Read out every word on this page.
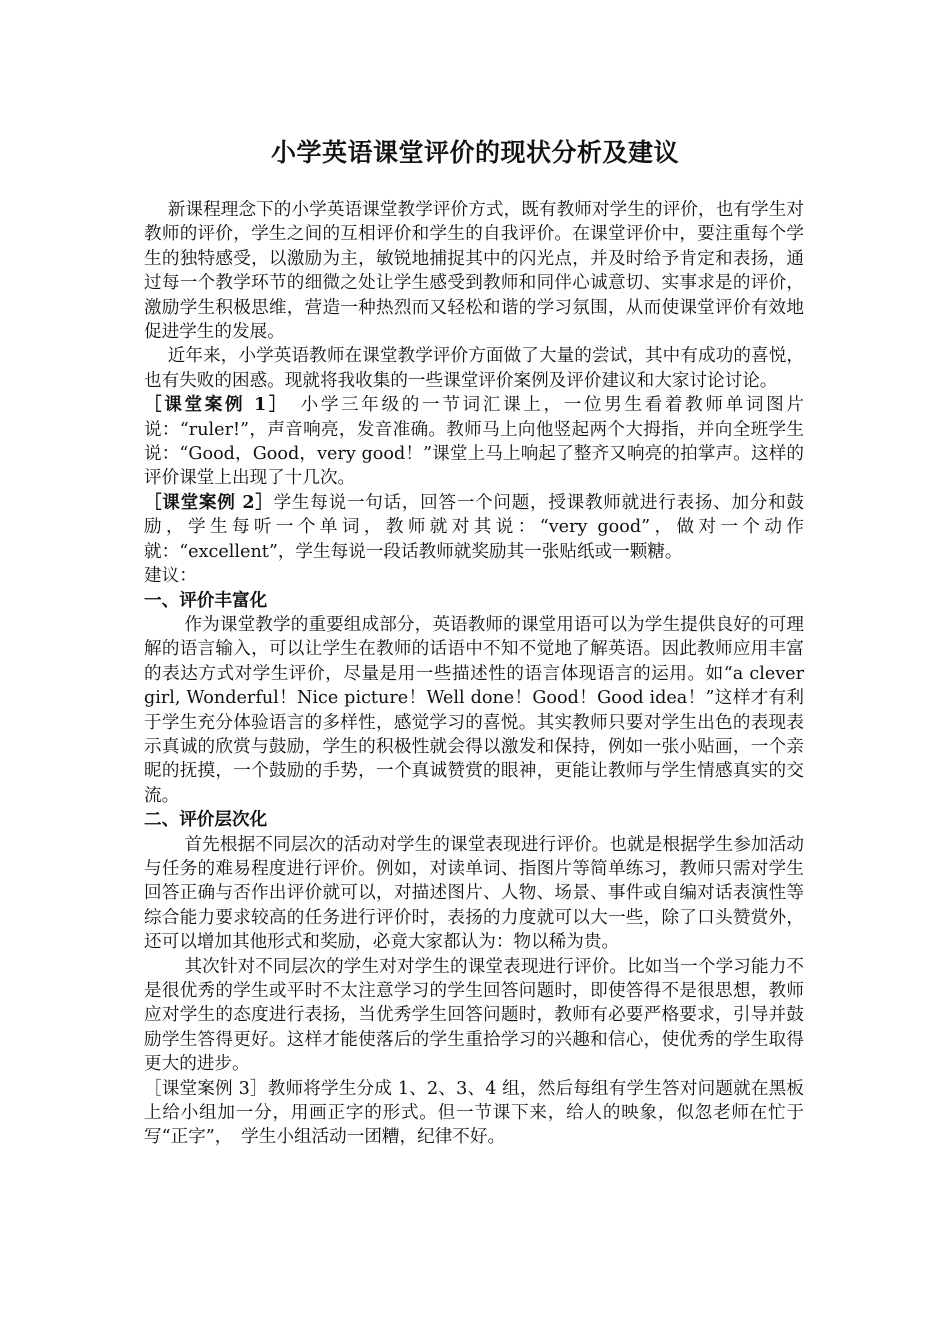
小学英语课堂评价的现状分析及建议

新课程理念下的小学英语课堂教学评价方式，既有教师对学生的评价，也有学生对教师的评价，学生之间的互相评价和学生的自我评价。在课堂评价中，要注重每个学生的独特感受，以激励为主，敏锐地捕捉其中的闪光点，并及时给予肯定和表扬，通过每一个教学环节的细微之处让学生感受到教师和同伴心诚意切、实事求是的评价，激励学生积极思维，营造一种热烈而又轻松和谐的学习氛围，从而使课堂评价有效地促进学生的发展。

近年来，小学英语教师在课堂教学评价方面做了大量的尝试，其中有成功的喜悦，也有失败的困惑。现就将我收集的一些课堂评价案例及评价建议和大家讨论讨论。

［课堂案例 1］　小学三年级的一节词汇课上，一位男生看着教师单词图片说：“ruler!”，声音响亮，发音准确。教师马上向他竖起两个大拇指，并向全班学生说：“Good，Good，very good！”课堂上马上响起了整齐又响亮的拍掌声。这样的评价课堂上出现了十几次。

［课堂案例 2］学生每说一句话，回答一个问题，授课教师就进行表扬、加分和鼓励，学生每听一个单词，教师就对其说：“very good”，做对一个动作就：“excellent”，学生每说一段话教师就奖励其一张贴纸或一颗糖。

建议：

一、评价丰富化

作为课堂教学的重要组成部分，英语教师的课堂用语可以为学生提供良好的可理解的语言输入，可以让学生在教师的话语中不知不觉地了解英语。因此教师应用丰富的表达方式对学生评价，尽量是用一些描述性的语言体现语言的运用。如“a clever girl, Wonderful！Nice picture！Well done！Good！Good idea！”这样才有利于学生充分体验语言的多样性，感觉学习的喜悦。其实教师只要对学生出色的表现表示真诚的欣赏与鼓励，学生的积极性就会得以激发和保持，例如一张小贴画，一个亲昵的抚摸，一个鼓励的手势，一个真诚赞赏的眼神，更能让教师与学生情感真实的交流。

二、评价层次化

首先根据不同层次的活动对学生的课堂表现进行评价。也就是根据学生参加活动与任务的难易程度进行评价。例如，对读单词、指图片等简单练习，教师只需对学生回答正确与否作出评价就可以，对描述图片、人物、场景、事件或自编对话表演性等综合能力要求较高的任务进行评价时，表扬的力度就可以大一些，除了口头赞赏外，还可以增加其他形式和奖励，必竟大家都认为：物以稀为贵。

其次针对不同层次的学生对对学生的课堂表现进行评价。比如当一个学习能力不是很优秀的学生或平时不太注意学习的学生回答问题时，即使答得不是很思想，教师应对学生的态度进行表扬，当优秀学生回答问题时，教师有必要严格要求，引导并鼓励学生答得更好。这样才能使落后的学生重拾学习的兴趣和信心，使优秀的学生取得更大的进步。

［课堂案例 3］教师将学生分成 1、2、3、4 组，然后每组有学生答对问题就在黑板上给小组加一分，用画正字的形式。但一节课下来，给人的映象，似忽老师在忙于写“正字”，　学生小组活动一团糟，纪律不好。
